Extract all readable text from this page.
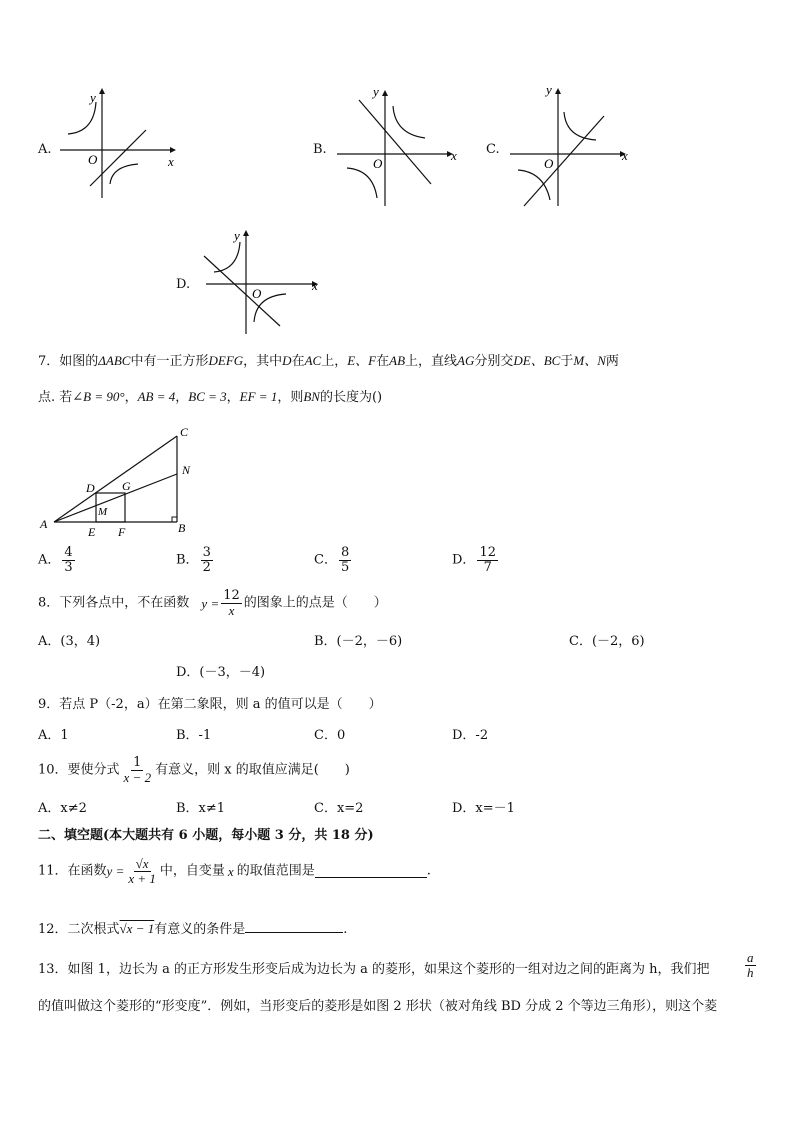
A.
x
y
O
B.	x
y
O
C.	x
y
O
D.	x
y
O
7．如图的ΔABC中有一正方形DEFG，其中D在AC上，E、F在AB上，直线AG分别交DE、BC于M、N两
点. 若∠B = 90°，AB = 4，BC = 3，EF = 1，则BN的长度为()
C
N
D G
M
A
E F	B
A． $\frac{4}{3}$	B． $\frac{3}{2}$	C． $\frac{8}{5}$	D． $\frac{12}{7}$
8．下列各点中，不在函数 $y = \frac{12}{x}$ 的图象上的点是（　　）
A．(3，4)	B．(－2，－6)	C．(－2，6)
D．(－3，－4)
9．若点 P（-2，a）在第二象限，则 a 的值可以是（　　）
A．1	B．-1	C．0	D．-2
10．要使分式 $\frac{1}{x - 2}$ 有意义，则 x 的取值应满足(　　)
A．x≠2	B．x≠1	C．x=2	D．x=－1
二、填空题(本大题共有 6 小题，每小题 3 分，共 18 分)
11．在函数$y = \frac{√x}{x + 1}$ 中，自变量 x 的取值范围是	.
12．二次根式√x − 1有意义的条件是	.
13．如图 1，边长为 a 的正方形发生形变后成为边长为 a 的菱形，如果这个菱形的一组对边之间的距离为 h，我们把	$\frac{a}{h}$
的值叫做这个菱形的“形变度”．例如，当形变后的菱形是如图 2 形状（被对角线 BD 分成 2 个等边三角形），则这个菱
